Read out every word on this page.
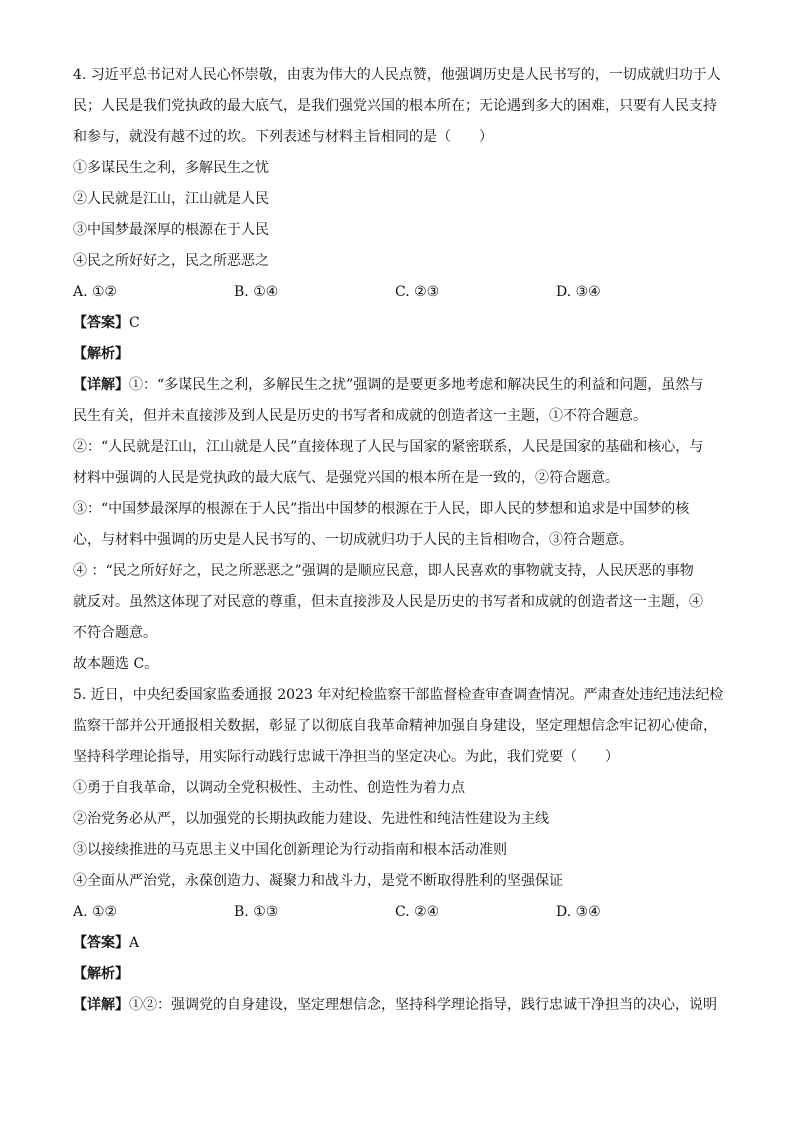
4. 习近平总书记对人民心怀崇敬，由衷为伟大的人民点赞，他强调历史是人民书写的，一切成就归功于人

民；人民是我们党执政的最大底气，是我们强党兴国的根本所在；无论遇到多大的困难，只要有人民支持

和参与，就没有越不过的坎。下列表述与材料主旨相同的是（　　）

①多谋民生之利，多解民生之忧

②人民就是江山，江山就是人民

③中国梦最深厚的根源在于人民

④民之所好好之，民之所恶恶之

A. ①②	B. ①④	C. ②③	D. ③④

【答案】C

【解析】

【详解】①：“多谋民生之利，多解民生之扰”强调的是要更多地考虑和解决民生的利益和问题，虽然与

民生有关，但并未直接涉及到人民是历史的书写者和成就的创造者这一主题，①不符合题意。

②：“人民就是江山，江山就是人民”直接体现了人民与国家的紧密联系，人民是国家的基础和核心，与

材料中强调的人民是党执政的最大底气、是强党兴国的根本所在是一致的，②符合题意。

③：“中国梦最深厚的根源在于人民”指出中国梦的根源在于人民，即人民的梦想和追求是中国梦的核

心，与材料中强调的历史是人民书写的、一切成就归功于人民的主旨相吻合，③符合题意。

④ ：“民之所好好之，民之所恶恶之”强调的是顺应民意，即人民喜欢的事物就支持，人民厌恶的事物

就反对。虽然这体现了对民意的尊重，但未直接涉及人民是历史的书写者和成就的创造者这一主题，④

不符合题意。

故本题选 C。

5. 近日，中央纪委国家监委通报 2023 年对纪检监察干部监督检查审查调查情况。严肃查处违纪违法纪检

监察干部并公开通报相关数据，彰显了以彻底自我革命精神加强自身建设，坚定理想信念牢记初心使命，

坚持科学理论指导，用实际行动践行忠诚干净担当的坚定决心。为此，我们党要（　　）

①勇于自我革命，以调动全党积极性、主动性、创造性为着力点

②治党务必从严，以加强党的长期执政能力建设、先进性和纯洁性建设为主线

③以接续推进的马克思主义中国化创新理论为行动指南和根本活动准则

④全面从严治党，永葆创造力、凝聚力和战斗力，是党不断取得胜利的坚强保证

A. ①②	B. ①③	C. ②④	D. ③④

【答案】A

【解析】

【详解】①②：强调党的自身建设，坚定理想信念，坚持科学理论指导，践行忠诚干净担当的决心，说明
